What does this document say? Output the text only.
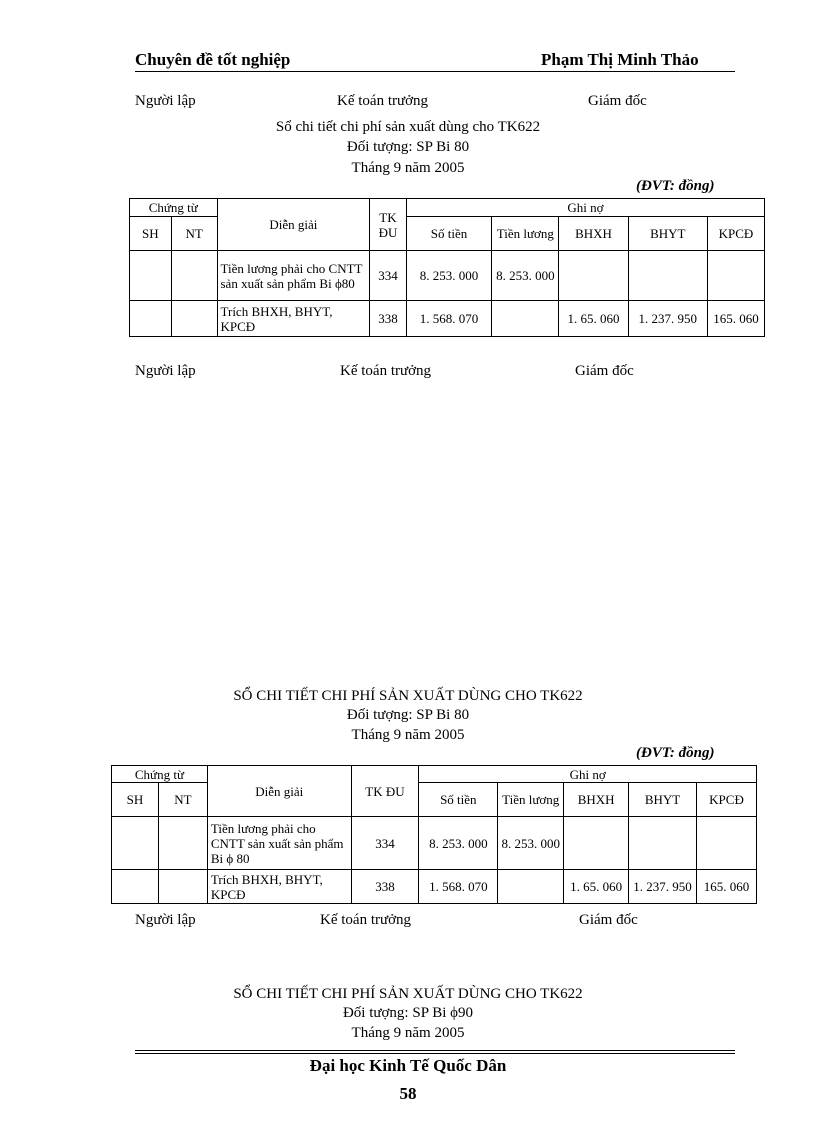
Chuyên đề tốt nghiệp	Phạm Thị Minh Thảo
Người lập	Kế toán trưởng	Giám đốc
Sổ chi tiết chi phí sản xuất dùng cho TK622
Đối tượng: SP Bi 80
Tháng 9 năm 2005
(ĐVT: đồng)
Chứng từ		Diễn giải	TK ĐU	Ghi nợ				
SH	NT			Số tiền	Tiền lương	BHXH	BHYT	KPCĐ
		Tiền lương phải cho CNTT sản xuất sản phẩm Bi ϕ80	334	8. 253. 000	8. 253. 000			
		Trích BHXH, BHYT, KPCĐ	338	1. 568. 070		1. 65. 060	1. 237. 950	165. 060
Người lập	Kế toán trưởng	Giám đốc
SỔ CHI TIẾT CHI PHÍ SẢN XUẤT DÙNG CHO TK622
Đối tượng: SP Bi 80
Tháng 9 năm 2005
(ĐVT: đồng)
Chứng từ		Diễn giải	TK ĐU	Ghi nợ				
SH	NT			Số tiền	Tiền lương	BHXH	BHYT	KPCĐ
		Tiền lương phải cho CNTT sản xuất sản phẩm Bi ϕ 80	334	8. 253. 000	8. 253. 000			
		Trích BHXH, BHYT, KPCĐ	338	1. 568. 070		1. 65. 060	1. 237. 950	165. 060
Người lập	Kế toán trưởng	Giám đốc
SỔ CHI TIẾT CHI PHÍ SẢN XUẤT DÙNG CHO TK622
Đối tượng: SP Bi ϕ90
Tháng 9 năm 2005
Đại học Kinh Tế Quốc Dân
58
